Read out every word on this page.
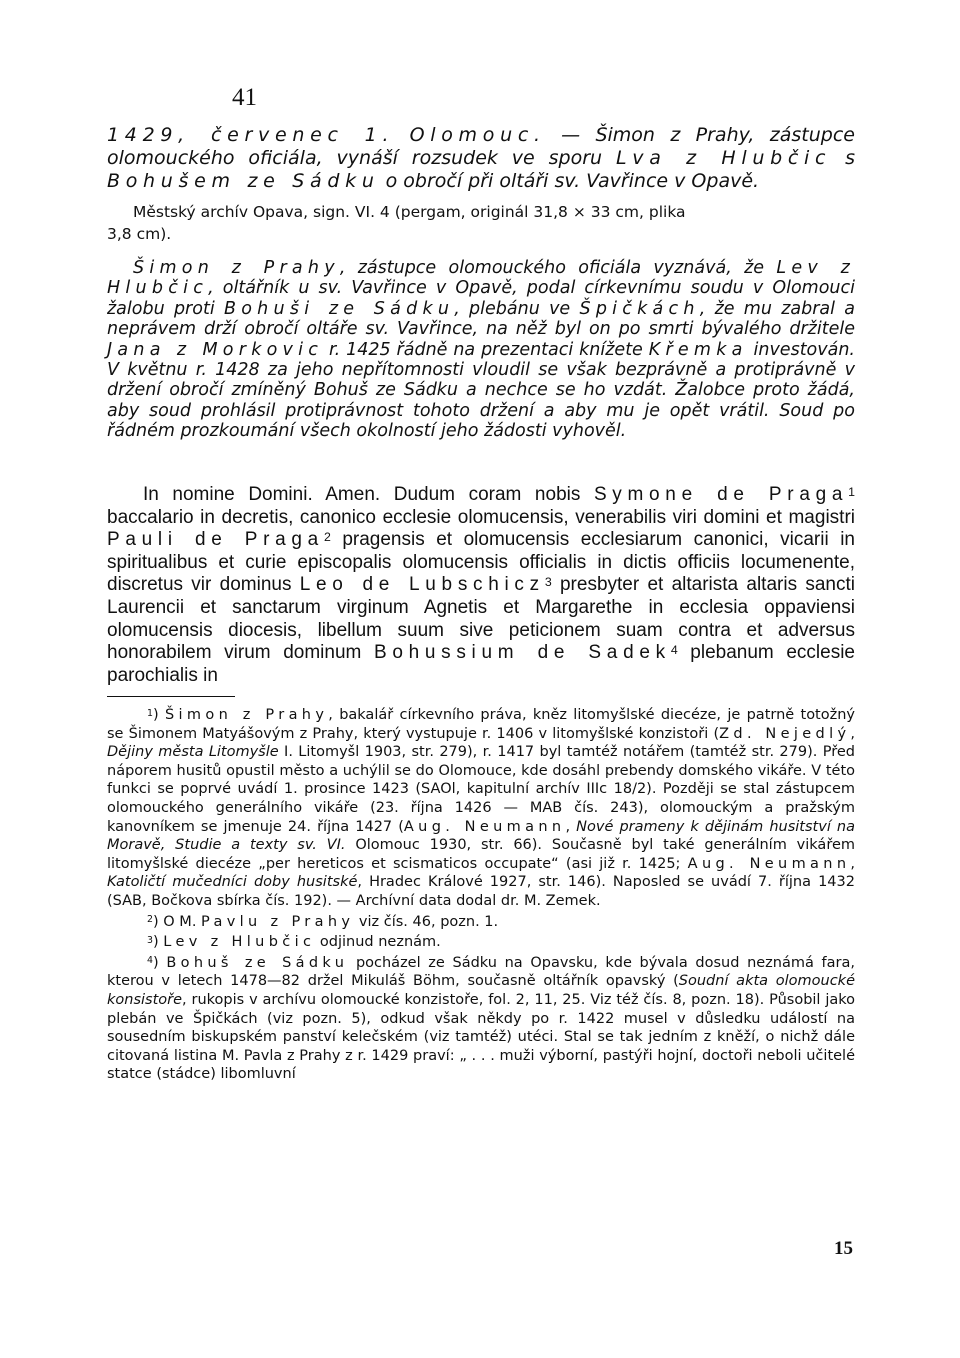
41
1429, červenec 1. Olomouc. — Šimon z Prahy, zástupce olomouckého oficiála, vynáší rozsudek ve sporu Lva z Hlubčic s Bohušem ze Sádku o obročí při oltáři sv. Vavřince v Opavě.
Městský archív Opava, sign. VI. 4 (pergam, originál 31,8 × 33 cm, plika
3,8 cm).
Šimon z Prahy, zástupce olomouckého oficiála vyznává, že Lev z Hlubčic, oltářník u sv. Vavřince v Opavě, podal církevnímu soudu v Olomouci žalobu proti Bohuši ze Sádku, plebánu ve Špičkách, že mu zabral a neprávem drží obročí oltáře sv. Vavřince, na něž byl on po smrti bývalého držitele Jana z Morkovic r. 1425 řádně na prezentaci knížete Křemka investován. V květnu r. 1428 za jeho nepřítomnosti vloudil se však bezprávně a protiprávně v držení obročí zmíněný Bohuš ze Sádku a nechce se ho vzdát. Žalobce proto žádá, aby soud prohlásil protiprávnost tohoto držení a aby mu je opět vrátil. Soud po řádném prozkoumání všech okolností jeho žádosti vyhověl.
In nomine Domini. Amen. Dudum coram nobis Symone de Praga$^1$ baccalario in decretis, canonico ecclesie olomucensis, venerabilis viri domini et magistri Pauli de Praga$^2$ pragensis et olomucensis ecclesiarum canonici, vicarii in spiritualibus et curie episcopalis olomucensis officialis in dictis officiis locumenente, discretus vir dominus Leo de Lubschicz$^3$ presbyter et altarista altaris sancti Laurencii et sanctarum virginum Agnetis et Margarethe in ecclesia oppaviensi olomucensis diocesis, libellum suum sive peticionem suam contra et adversus honorabilem virum dominum Bohussium de Sadek$^4$ plebanum ecclesie parochialis in

$^1$) Šimon z Prahy, bakalář církevního práva, kněz litomyšlské diecéze, je patrně totožný se Šimonem Matyášovým z Prahy, který vystupuje r. 1406 v litomyšlské konzistoři (Zd. Nejedlý, Dějiny města Litomyšle I. Litomyšl 1903, str. 279), r. 1417 byl tamtéž notářem (tamtéž str. 279). Před náporem husitů opustil město a uchýlil se do Olomouce, kde dosáhl prebendy domského vikáře. V této funkci se poprvé uvádí 1. prosince 1423 (SAOl, kapitulní archív IIIc 18/2). Později se stal zástupcem olomouckého generálního vikáře (23. října 1426 — MAB čís. 243), olomouckým a pražským kanovníkem se jmenuje 24. října 1427 (Aug. Neumann, Nové prameny k dějinám husitství na Moravě, Studie a texty sv. VI. Olomouc 1930, str. 66). Současně byl také generálním vikářem litomyšlské diecéze „per hereticos et scismaticos occupate“ (asi již r. 1425; Aug. Neumann, Katoličtí mučedníci doby husitské, Hradec Králové 1927, str. 146). Naposled se uvádí 7. října 1432 (SAB, Bočkova sbírka čís. 192). — Archívní data dodal dr. M. Zemek.

$^2$) O M. Pavlu z Prahy viz čís. 46, pozn. 1.

$^3$) Lev z Hlubčic odjinud neznám.

$^4$) Bohuš ze Sádku pocházel ze Sádku na Opavsku, kde bývala dosud neznámá fara, kterou v letech 1478—82 držel Mikuláš Böhm, současně oltářník opavský (Soudní akta olomoucké konsistoře, rukopis v archívu olomoucké konzistoře, fol. 2, 11, 25. Viz též čís. 8, pozn. 18). Působil jako plebán ve Špičkách (viz pozn. 5), odkud však někdy po r. 1422 musel v důsledku událostí na sousedním biskupském panství kelečském (viz tamtéž) utéci. Stal se tak jedním z kněží, o nichž dále citovaná listina M. Pavla z Prahy z r. 1429 praví: „ . . . muži výborní, pastýři hojní, doctoři neboli učitelé statce (stádce) libomluvní

15
